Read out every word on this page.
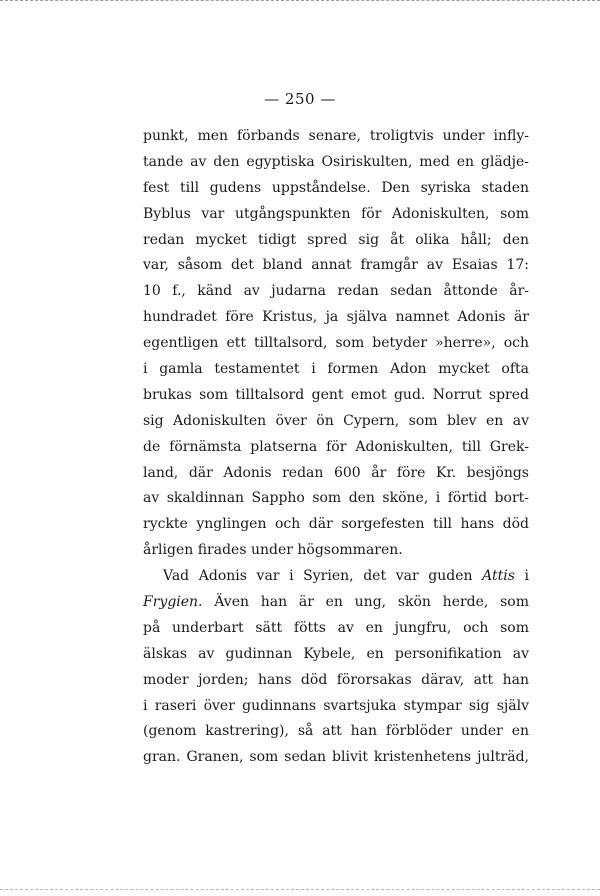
— 250 —
punkt, men förbands senare, troligtvis under infly-
tande av den egyptiska Osiriskulten, med en glädje-
fest till gudens uppståndelse. Den syriska staden
Byblus var utgångspunkten för Adoniskulten, som
redan mycket tidigt spred sig åt olika håll; den
var, såsom det bland annat framgår av Esaias 17:
10 f., känd av judarna redan sedan åttonde år-
hundradet före Kristus, ja själva namnet Adonis är
egentligen ett tilltalsord, som betyder »herre», och
i gamla testamentet i formen Adon mycket ofta
brukas som tilltalsord gent emot gud. Norrut spred
sig Adoniskulten över ön Cypern, som blev en av
de förnämsta platserna för Adoniskulten, till Grek-
land, där Adonis redan 600 år före Kr. besjöngs
av skaldinnan Sappho som den sköne, i förtid bort-
ryckte ynglingen och där sorgefesten till hans död
årligen firades under högsommaren.
Vad Adonis var i Syrien, det var guden Attis i
Frygien. Även han är en ung, skön herde, som
på underbart sätt fötts av en jungfru, och som
älskas av gudinnan Kybele, en personifikation av
moder jorden; hans död förorsakas därav, att han
i raseri över gudinnans svartsjuka stympar sig själv
(genom kastrering), så att han förblöder under en
gran. Granen, som sedan blivit kristenhetens julträd,
